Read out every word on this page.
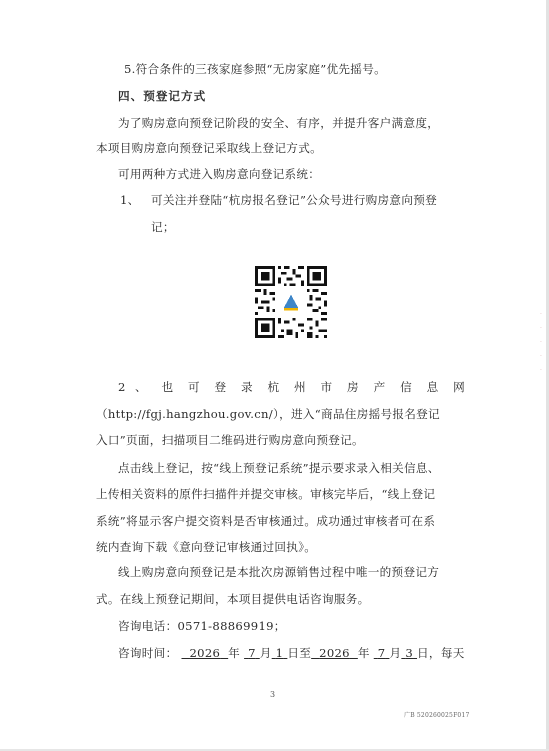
5.符合条件的三孩家庭参照“无房家庭”优先摇号。
四、预登记方式
为了购房意向预登记阶段的安全、有序，并提升客户满意度，
本项目购房意向预登记采取线上登记方式。
可用两种方式进入购房意向登记系统：
1、 可关注并登陆“杭房报名登记”公众号进行购房意向预登
记；
2 、 也 可 登 录 杭 州 市 房 产 信 息 网
（http://fgj.hangzhou.gov.cn/），进入“商品住房摇号报名登记
入口”页面，扫描项目二维码进行购房意向预登记。
点击线上登记，按“线上预登记系统”提示要求录入相关信息、
上传相关资料的原件扫描件并提交审核。审核完毕后，“线上登记
系统”将显示客户提交资料是否审核通过。成功通过审核者可在系
统内查询下载《意向登记审核通过回执》。
线上购房意向预登记是本批次房源销售过程中唯一的预登记方
式。在线上预登记期间，本项目提供电话咨询服务。
咨询电话：0571-88869919；
咨询时间： 2026 年 7 月 1 日至 2026 年 7 月 3 日，每天
3
广B 520260025F017
·
·
·
·
·
